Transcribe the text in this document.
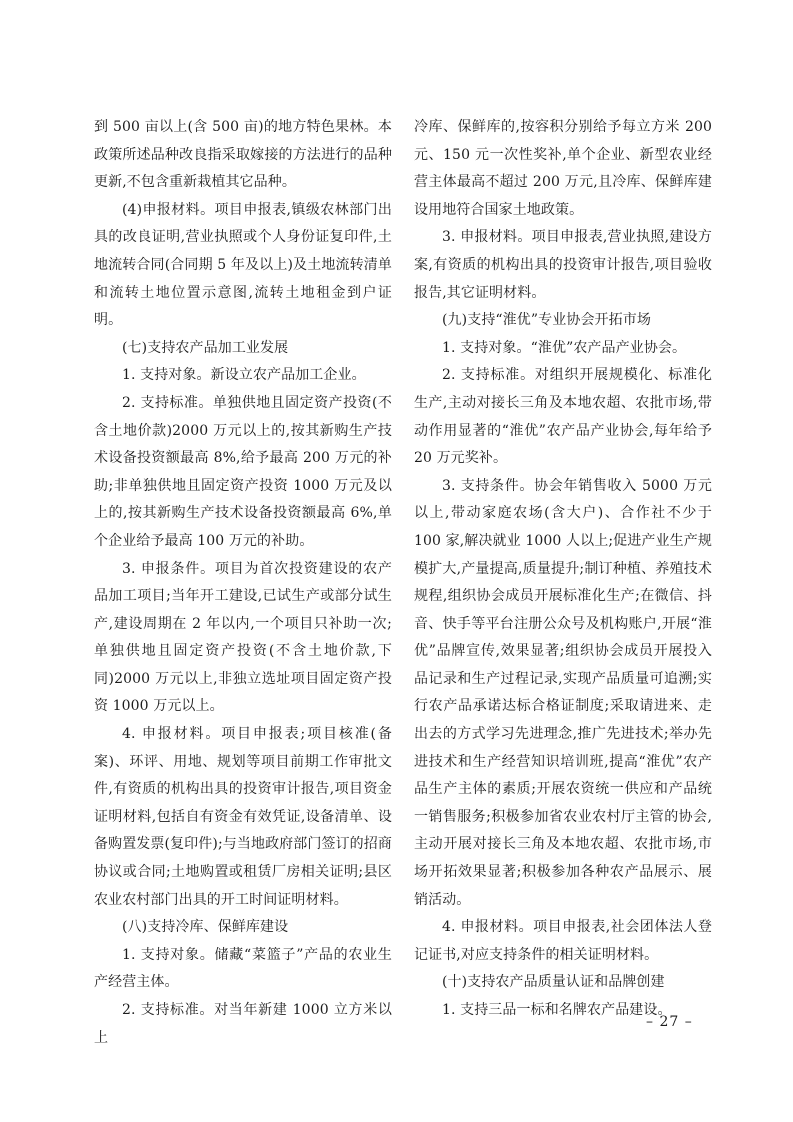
到 500 亩以上(含 500 亩)的地方特色果林。本政策所述品种改良指采取嫁接的方法进行的品种更新,不包含重新栽植其它品种。

(4)申报材料。项目申报表,镇级农林部门出具的改良证明,营业执照或个人身份证复印件,土地流转合同(合同期 5 年及以上)及土地流转清单和流转土地位置示意图,流转土地租金到户证明。

(七)支持农产品加工业发展

1. 支持对象。新设立农产品加工企业。

2. 支持标准。单独供地且固定资产投资(不含土地价款)2000 万元以上的,按其新购生产技术设备投资额最高 8%,给予最高 200 万元的补助;非单独供地且固定资产投资 1000 万元及以上的,按其新购生产技术设备投资额最高 6%,单个企业给予最高 100 万元的补助。

3. 申报条件。项目为首次投资建设的农产品加工项目;当年开工建设,已试生产或部分试生产,建设周期在 2 年以内,一个项目只补助一次;单独供地且固定资产投资(不含土地价款,下同)2000 万元以上,非独立选址项目固定资产投资 1000 万元以上。

4. 申报材料。项目申报表;项目核准(备案)、环评、用地、规划等项目前期工作审批文件,有资质的机构出具的投资审计报告,项目资金证明材料,包括自有资金有效凭证,设备清单、设备购置发票(复印件);与当地政府部门签订的招商协议或合同;土地购置或租赁厂房相关证明;县区农业农村部门出具的开工时间证明材料。

(八)支持冷库、保鲜库建设

1. 支持对象。储藏“菜篮子”产品的农业生产经营主体。

2. 支持标准。对当年新建 1000 立方米以上

冷库、保鲜库的,按容积分别给予每立方米 200 元、150 元一次性奖补,单个企业、新型农业经营主体最高不超过 200 万元,且冷库、保鲜库建设用地符合国家土地政策。

3. 申报材料。项目申报表,营业执照,建设方案,有资质的机构出具的投资审计报告,项目验收报告,其它证明材料。

(九)支持“淮优”专业协会开拓市场

1. 支持对象。“淮优”农产品产业协会。

2. 支持标准。对组织开展规模化、标准化生产,主动对接长三角及本地农超、农批市场,带动作用显著的“淮优”农产品产业协会,每年给予 20 万元奖补。

3. 支持条件。协会年销售收入 5000 万元以上,带动家庭农场(含大户)、合作社不少于 100 家,解决就业 1000 人以上;促进产业生产规模扩大,产量提高,质量提升;制订种植、养殖技术规程,组织协会成员开展标准化生产;在微信、抖音、快手等平台注册公众号及机构账户,开展“淮优”品牌宣传,效果显著;组织协会成员开展投入品记录和生产过程记录,实现产品质量可追溯;实行农产品承诺达标合格证制度;采取请进来、走出去的方式学习先进理念,推广先进技术;举办先进技术和生产经营知识培训班,提高“淮优”农产品生产主体的素质;开展农资统一供应和产品统一销售服务;积极参加省农业农村厅主管的协会,主动开展对接长三角及本地农超、农批市场,市场开拓效果显著;积极参加各种农产品展示、展销活动。

4. 申报材料。项目申报表,社会团体法人登记证书,对应支持条件的相关证明材料。

(十)支持农产品质量认证和品牌创建

1. 支持三品一标和名牌农产品建设。

– 27 –
